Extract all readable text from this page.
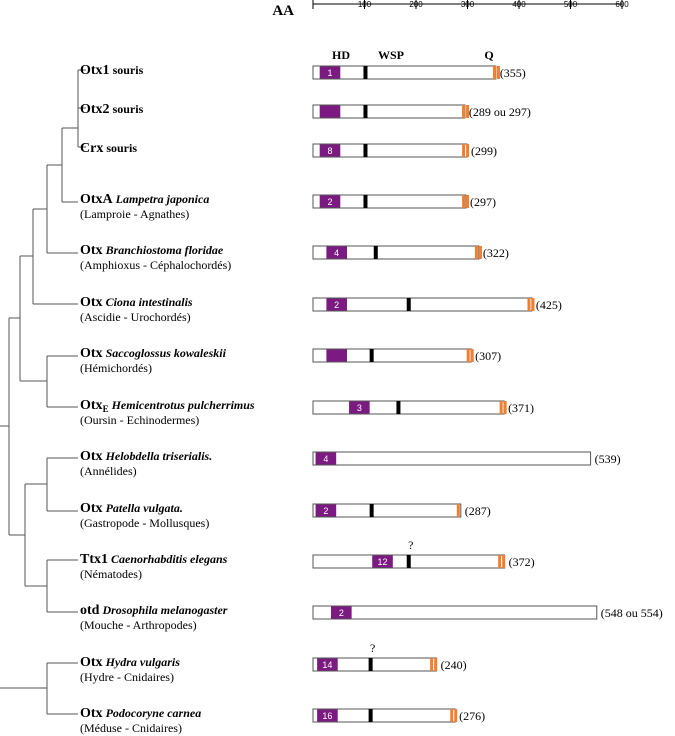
AA	100	200	300	400	500	600
HD WSP	Q
Otx1 souris	1	(355)
Otx2 souris	(289 ou 297)
Crx souris	8	(299)
OtxA Lampetra japonica
(Lamproie - Agnathes)
2	(297)
Otx Branchiostoma floridae
(Amphioxus - Céphalochordés)
4	(322)
Otx Ciona intestinalis
(Ascidie - Urochordés)
2	(425)
Otx Saccoglossus kowaleskii
(Hémichordés)
(307)
Otx$_E$ Hemicentrotus pulcherrimus
(Oursin - Echinodermes)
3	(371)
Otx Helobdella triserialis.
(Annélides)
4	(539)
Otx Patella vulgata.
(Gastropode - Mollusques)
2	(287)
Ttx1 Caenorhabditis elegans
(Nématodes)
12
?
(372)
otd Drosophila melanogaster
(Mouche - Arthropodes)
2	(548 ou 554)
Otx Hydra vulgaris
(Hydre - Cnidaires)
14
?
(240)
Otx Podocoryne carnea
(Méduse - Cnidaires)
16	(276)
